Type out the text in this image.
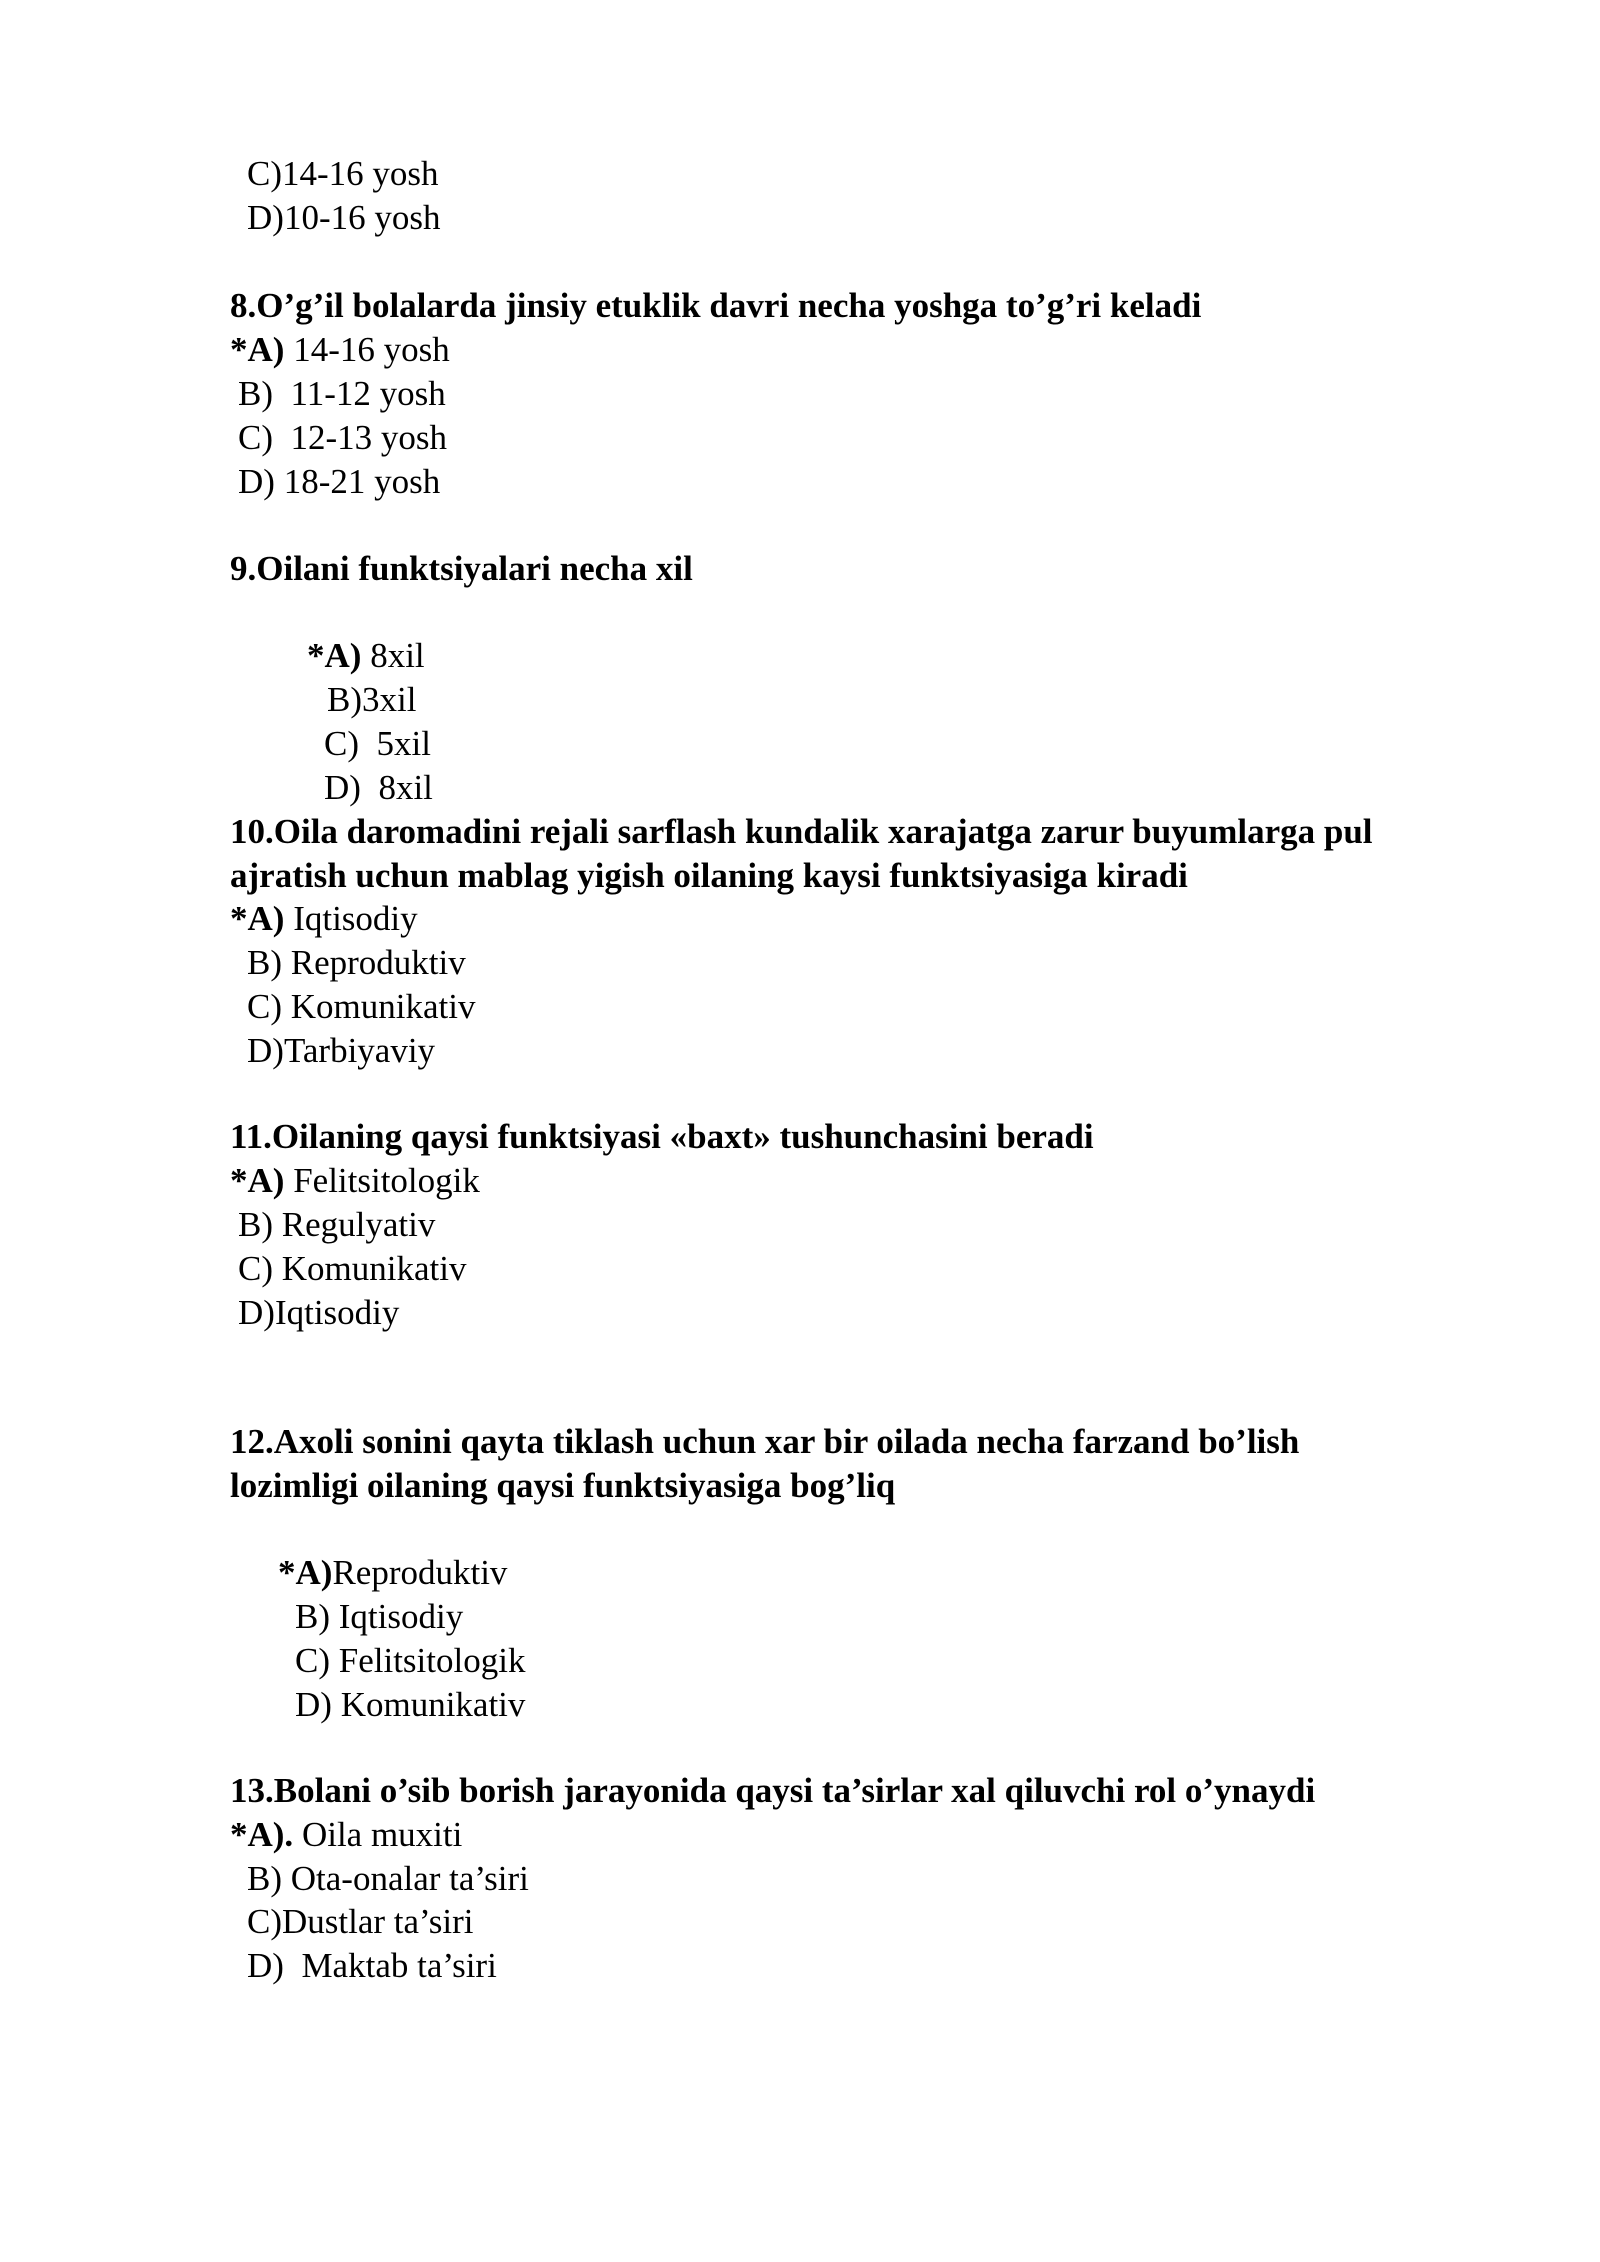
C)14-16 yosh
D)10-16 yosh
8.O’g’il bolalarda jinsiy etuklik davri necha yoshga to’g’ri keladi
*A) 14-16 yosh
B)  11-12 yosh
C)  12-13 yosh
D) 18-21 yosh
9.Oilani funktsiyalari necha xil
*A) 8xil
B)3xil
C)  5xil
D)  8xil
10.Oila daromadini rejali sarflash kundalik xarajatga zarur buyumlarga pul
ajratish uchun mablag yigish oilaning kaysi funktsiyasiga kiradi
*A) Iqtisodiy
B) Reproduktiv
C) Komunikativ
D)Tarbiyaviy
11.Oilaning qaysi funktsiyasi «baxt» tushunchasini beradi
*A) Felitsitologik
B) Regulyativ
C) Komunikativ
D)Iqtisodiy
12.Axoli sonini qayta tiklash uchun xar bir oilada necha farzand bo’lish
lozimligi oilaning qaysi funktsiyasiga bog’liq
*A)Reproduktiv
B) Iqtisodiy
C) Felitsitologik
D) Komunikativ
13.Bolani o’sib borish jarayonida qaysi ta’sirlar xal qiluvchi rol o’ynaydi
*A). Oila muxiti
B) Ota-onalar ta’siri
C)Dustlar ta’siri
D)  Maktab ta’siri
